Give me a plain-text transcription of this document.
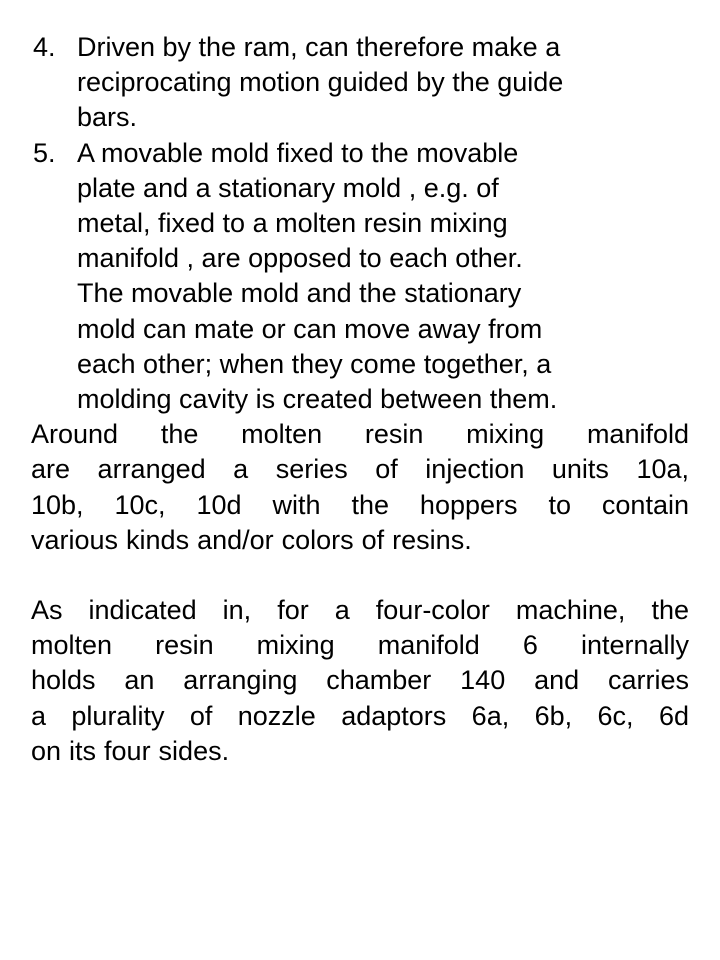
4. Driven by the ram, can therefore make a
reciprocating motion guided by the guide
bars.
5. A movable mold fixed to the movable
plate and a stationary mold , e.g. of
metal, fixed to a molten resin mixing
manifold , are opposed to each other.
The movable mold and the stationary
mold can mate or can move away from
each other; when they come together, a
molding cavity is created between them.
Around the molten resin mixing manifold
are arranged a series of injection units 10a,
10b, 10c, 10d with the hoppers to contain
various kinds and/or colors of resins.
As indicated in, for a four-color machine, the
molten resin mixing manifold 6 internally
holds an arranging chamber 140 and carries
a plurality of nozzle adaptors 6a, 6b, 6c, 6d
on its four sides.
